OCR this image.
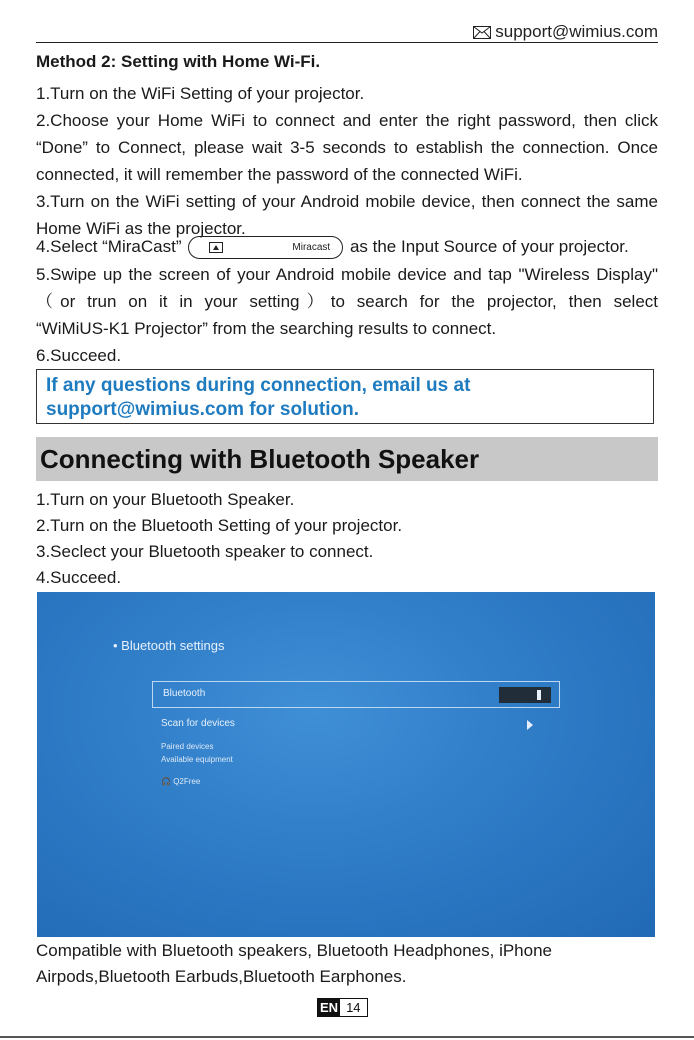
support@wimius.com
Method 2: Setting with Home Wi-Fi.
1.Turn on the WiFi Setting of your projector.
2.Choose your Home WiFi to connect and enter the right password, then click
“Done” to Connect, please wait 3-5 seconds to establish the connection. Once
connected, it will remember the password of the connected WiFi.
3.Turn on the WiFi setting of your Android mobile device, then connect the same
Home WiFi as the projector.
4.Select “MiraCast”	Miracast as the Input Source of your projector.
5.Swipe up the screen of your Android mobile device and tap "Wireless Display"
（or trun on it in your setting）to search for the projector, then select
“WiMiUS-K1 Projector” from the searching results to connect.
6.Succeed.
If any questions during connection, email us at
support@wimius.com for solution.
Connecting with Bluetooth Speaker
1.Turn on your Bluetooth Speaker.
2.Turn on the Bluetooth Setting of your projector.
3.Seclect your Bluetooth speaker to connect.
4.Succeed.
• Bluetooth settings
Bluetooth
Scan for devices
Paired devices
Available equipment
🎧 Q2Free
Compatible with Bluetooth speakers, Bluetooth Headphones, iPhone
Airpods,Bluetooth Earbuds,Bluetooth Earphones.
EN 14
